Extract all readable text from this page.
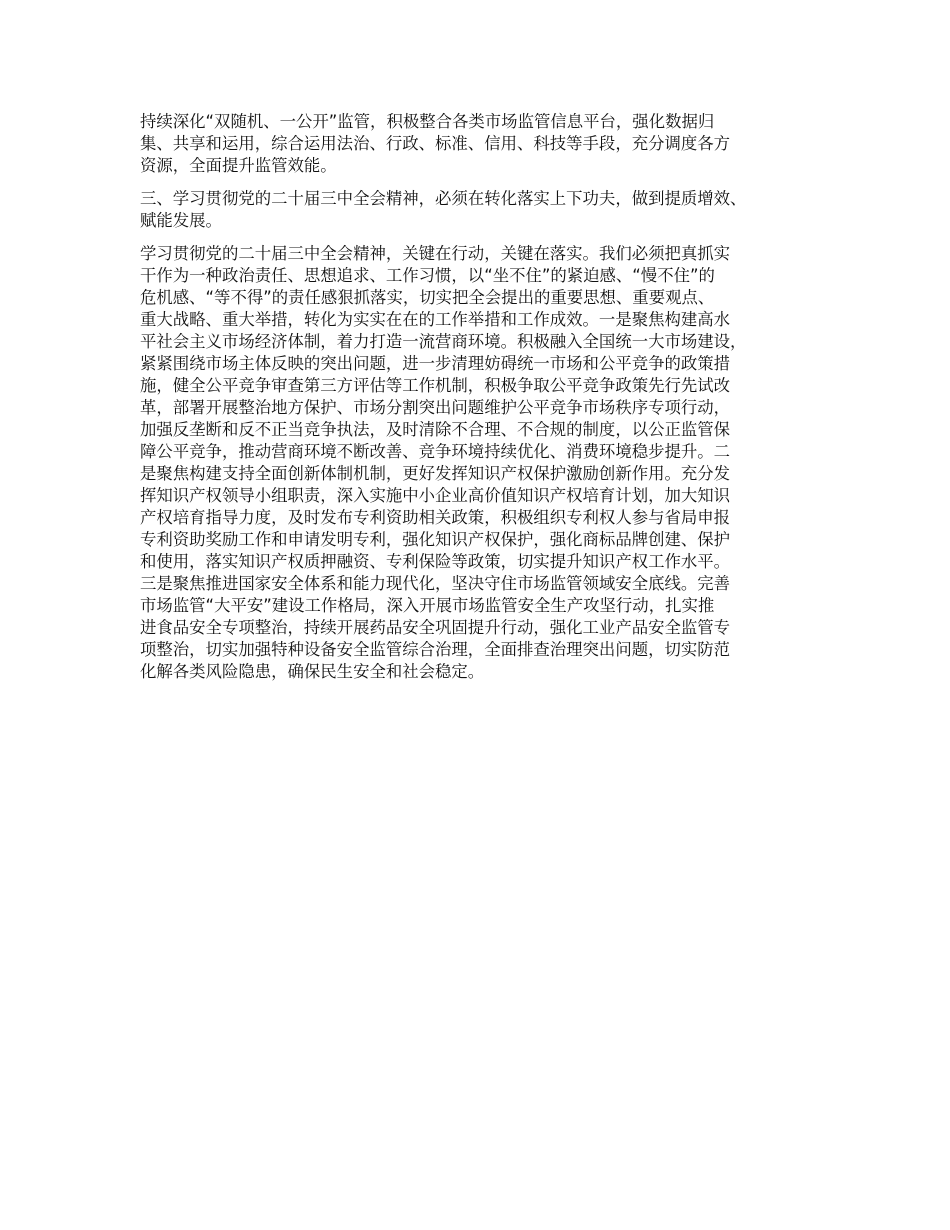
持续深化“双随机、一公开”监管，积极整合各类市场监管信息平台，强化数据归
集、共享和运用，综合运用法治、行政、标准、信用、科技等手段，充分调度各方
资源，全面提升监管效能。

三、学习贯彻党的二十届三中全会精神，必须在转化落实上下功夫，做到提质增效、
赋能发展。

学习贯彻党的二十届三中全会精神，关键在行动，关键在落实。我们必须把真抓实
干作为一种政治责任、思想追求、工作习惯，以“坐不住”的紧迫感、“慢不住”的
危机感、“等不得”的责任感狠抓落实，切实把全会提出的重要思想、重要观点、
重大战略、重大举措，转化为实实在在的工作举措和工作成效。一是聚焦构建高水
平社会主义市场经济体制，着力打造一流营商环境。积极融入全国统一大市场建设，
紧紧围绕市场主体反映的突出问题，进一步清理妨碍统一市场和公平竞争的政策措
施，健全公平竞争审查第三方评估等工作机制，积极争取公平竞争政策先行先试改
革，部署开展整治地方保护、市场分割突出问题维护公平竞争市场秩序专项行动，
加强反垄断和反不正当竞争执法，及时清除不合理、不合规的制度，以公正监管保
障公平竞争，推动营商环境不断改善、竞争环境持续优化、消费环境稳步提升。二
是聚焦构建支持全面创新体制机制，更好发挥知识产权保护激励创新作用。充分发
挥知识产权领导小组职责，深入实施中小企业高价值知识产权培育计划，加大知识
产权培育指导力度，及时发布专利资助相关政策，积极组织专利权人参与省局申报
专利资助奖励工作和申请发明专利，强化知识产权保护，强化商标品牌创建、保护
和使用，落实知识产权质押融资、专利保险等政策，切实提升知识产权工作水平。
三是聚焦推进国家安全体系和能力现代化，坚决守住市场监管领域安全底线。完善
市场监管“大平安”建设工作格局，深入开展市场监管安全生产攻坚行动，扎实推
进食品安全专项整治，持续开展药品安全巩固提升行动，强化工业产品安全监管专
项整治，切实加强特种设备安全监管综合治理，全面排查治理突出问题，切实防范
化解各类风险隐患，确保民生安全和社会稳定。
